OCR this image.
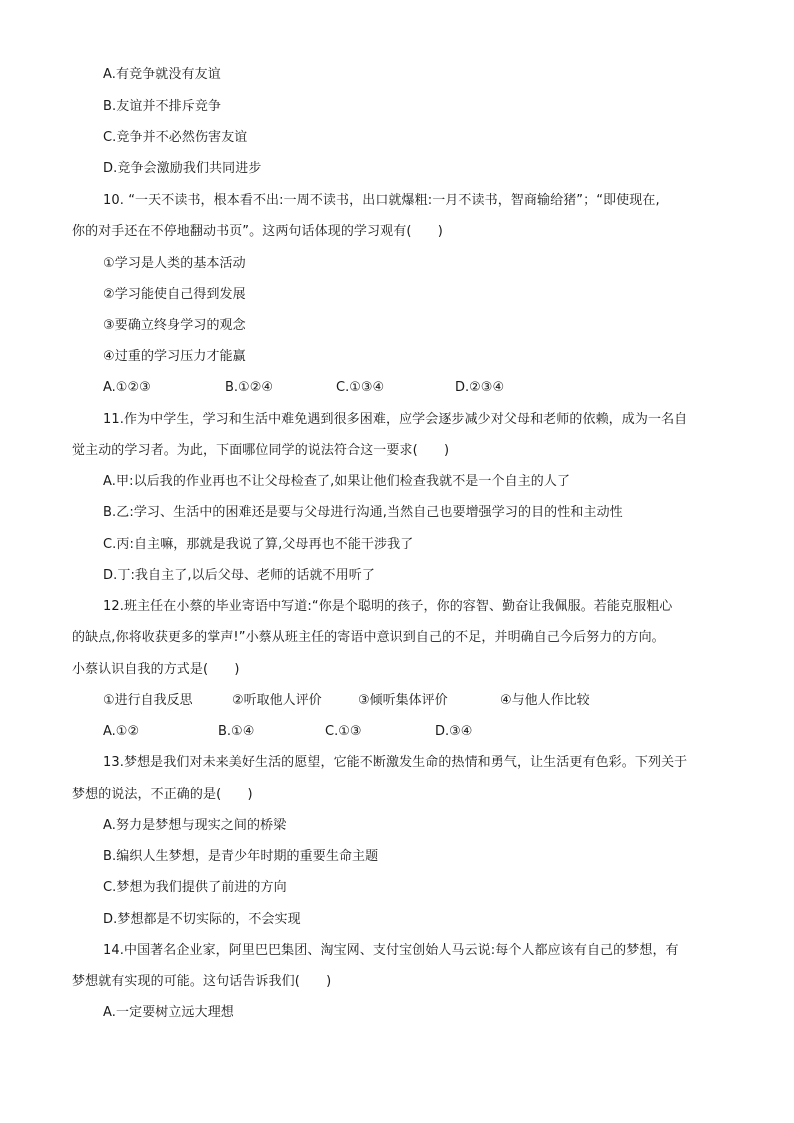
A.有竞争就没有友谊
B.友谊并不排斥竞争
C.竞争并不必然伤害友谊
D.竞争会激励我们共同进步
10. “一天不读书，根本看不出:一周不读书，出口就爆粗:一月不读书，智商输给猪”；“即使现在,
你的对手还在不停地翻动书页”。这两句话体现的学习观有(　　)
①学习是人类的基本活动
②学习能使自己得到发展
③要确立终身学习的观念
④过重的学习压力才能赢
A.①②③	B.①②④	C.①③④	D.②③④
11.作为中学生，学习和生活中难免遇到很多困难，应学会逐步减少对父母和老师的依赖，成为一名自
觉主动的学习者。为此，下面哪位同学的说法符合这一要求(　　)
A.甲:以后我的作业再也不让父母检查了,如果让他们检查我就不是一个自主的人了
B.乙:学习、生活中的困难还是要与父母进行沟通,当然自己也要增强学习的目的性和主动性
C.丙:自主嘛，那就是我说了算,父母再也不能干涉我了
D.丁:我自主了,以后父母、老师的话就不用听了
12.班主任在小蔡的毕业寄语中写道:“你是个聪明的孩子，你的容智、勤奋让我佩服。若能克服粗心
的缺点,你将收获更多的掌声!”小蔡从班主任的寄语中意识到自己的不足，并明确自己今后努力的方向。
小蔡认识自我的方式是(　　)
①进行自我反思	②听取他人评价	③倾听集体评价	④与他人作比较
A.①②	B.①④	C.①③	D.③④
13.梦想是我们对未来美好生活的愿望，它能不断激发生命的热情和勇气，让生活更有色彩。下列关于
梦想的说法，不正确的是(　　)
A.努力是梦想与现实之间的桥梁
B.编织人生梦想，是青少年时期的重要生命主题
C.梦想为我们提供了前进的方向
D.梦想都是不切实际的，不会实现
14.中国著名企业家，阿里巴巴集团、淘宝网、支付宝创始人马云说:每个人都应该有自己的梦想，有
梦想就有实现的可能。这句话告诉我们(　　)
A.一定要树立远大理想
